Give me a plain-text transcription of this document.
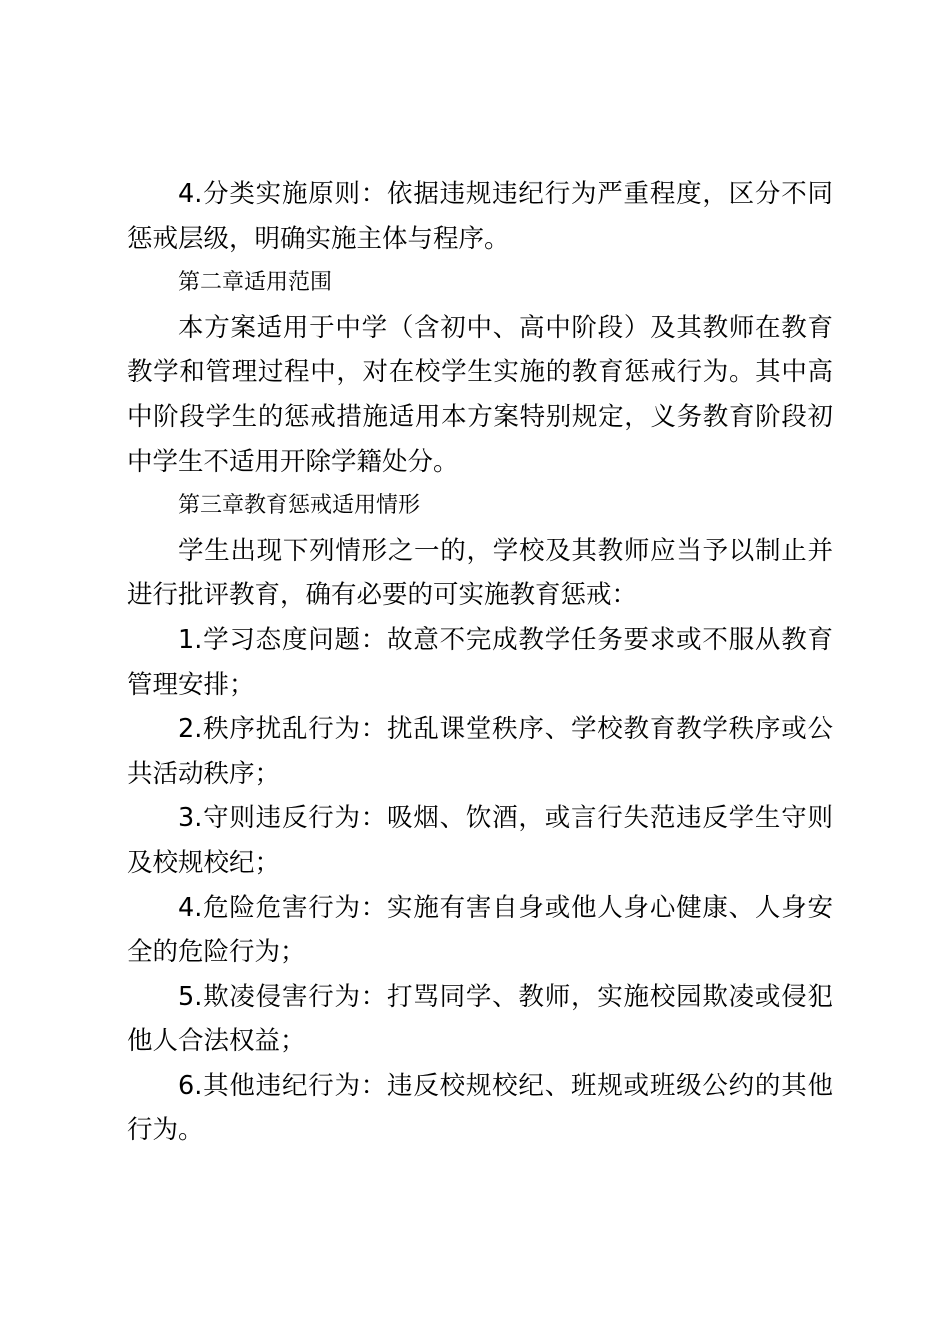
4.分类实施原则：依据违规违纪行为严重程度，区分不同惩戒层级，明确实施主体与程序。

第二章适用范围

本方案适用于中学（含初中、高中阶段）及其教师在教育教学和管理过程中，对在校学生实施的教育惩戒行为。其中高中阶段学生的惩戒措施适用本方案特别规定，义务教育阶段初中学生不适用开除学籍处分。

第三章教育惩戒适用情形

学生出现下列情形之一的，学校及其教师应当予以制止并进行批评教育，确有必要的可实施教育惩戒：

1.学习态度问题：故意不完成教学任务要求或不服从教育管理安排；

2.秩序扰乱行为：扰乱课堂秩序、学校教育教学秩序或公共活动秩序；

3.守则违反行为：吸烟、饮酒，或言行失范违反学生守则及校规校纪；

4.危险危害行为：实施有害自身或他人身心健康、人身安全的危险行为；

5.欺凌侵害行为：打骂同学、教师，实施校园欺凌或侵犯他人合法权益；

6.其他违纪行为：违反校规校纪、班规或班级公约的其他行为。
